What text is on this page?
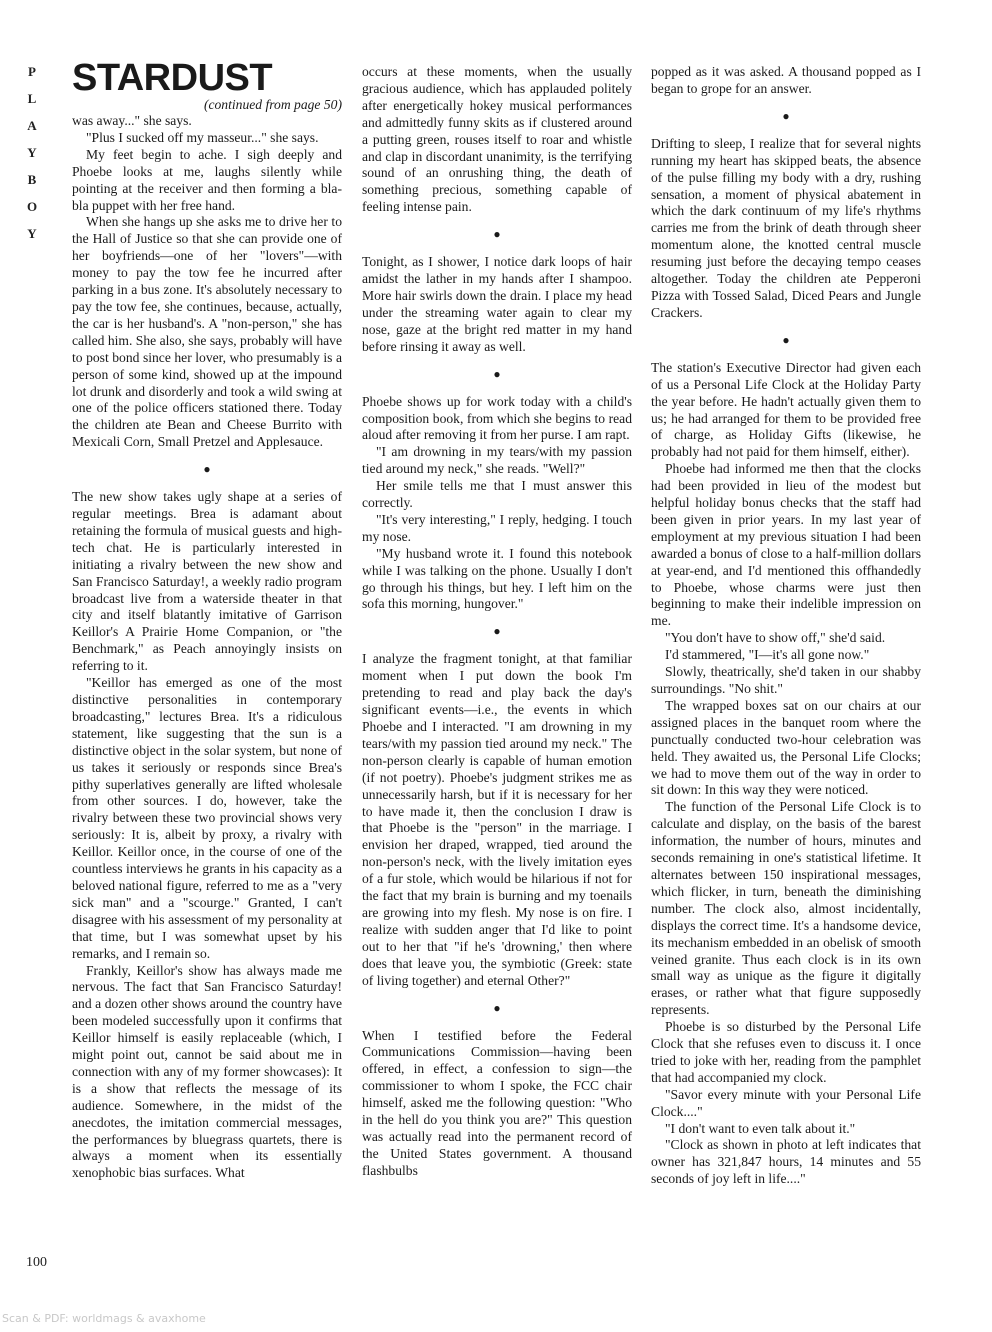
P
L
A
Y
B
O
Y
STARDUST

(continued from page 50)

was away..." she says.

"Plus I sucked off my masseur..." she says.

My feet begin to ache. I sigh deeply and Phoebe looks at me, laughs silently while pointing at the receiver and then forming a bla-bla puppet with her free hand.

When she hangs up she asks me to drive her to the Hall of Justice so that she can provide one of her boyfriends—one of her "lovers"—with money to pay the tow fee he incurred after parking in a bus zone. It's absolutely necessary to pay the tow fee, she continues, because, actually, the car is her husband's. A "non-person," she has called him. She also, she says, probably will have to post bond since her lover, who presumably is a person of some kind, showed up at the impound lot drunk and disorderly and took a wild swing at one of the police officers stationed there. Today the children ate Bean and Cheese Burrito with Mexicali Corn, Small Pretzel and Applesauce.

●

The new show takes ugly shape at a series of regular meetings. Brea is adamant about retaining the formula of musical guests and high-tech chat. He is particularly interested in initiating a rivalry between the new show and San Francisco Saturday!, a weekly radio program broadcast live from a waterside theater in that city and itself blatantly imitative of Garrison Keillor's A Prairie Home Companion, or "the Benchmark," as Peach annoyingly insists on referring to it.

"Keillor has emerged as one of the most distinctive personalities in contemporary broadcasting," lectures Brea. It's a ridiculous statement, like suggesting that the sun is a distinctive object in the solar system, but none of us takes it seriously or responds since Brea's pithy superlatives generally are lifted wholesale from other sources. I do, however, take the rivalry between these two provincial shows very seriously: It is, albeit by proxy, a rivalry with Keillor. Keillor once, in the course of one of the countless interviews he grants in his capacity as a beloved national figure, referred to me as a "very sick man" and a "scourge." Granted, I can't disagree with his assessment of my personality at that time, but I was somewhat upset by his remarks, and I remain so.

Frankly, Keillor's show has always made me nervous. The fact that San Francisco Saturday! and a dozen other shows around the country have been modeled successfully upon it confirms that Keillor himself is easily replaceable (which, I might point out, cannot be said about me in connection with any of my former showcases): It is a show that reflects the message of its audience. Somewhere, in the midst of the anecdotes, the imitation commercial messages, the performances by bluegrass quartets, there is always a moment when its essentially xenophobic bias surfaces. What

occurs at these moments, when the usually gracious audience, which has applauded politely after energetically hokey musical performances and admittedly funny skits as if clustered around a putting green, rouses itself to roar and whistle and clap in discordant unanimity, is the terrifying sound of an onrushing thing, the death of something precious, something capable of feeling intense pain.

●

Tonight, as I shower, I notice dark loops of hair amidst the lather in my hands after I shampoo. More hair swirls down the drain. I place my head under the streaming water again to clear my nose, gaze at the bright red matter in my hand before rinsing it away as well.

●

Phoebe shows up for work today with a child's composition book, from which she begins to read aloud after removing it from her purse. I am rapt.

"I am drowning in my tears/with my passion tied around my neck," she reads. "Well?"

Her smile tells me that I must answer this correctly.

"It's very interesting," I reply, hedging. I touch my nose.

"My husband wrote it. I found this notebook while I was talking on the phone. Usually I don't go through his things, but hey. I left him on the sofa this morning, hungover."

●

I analyze the fragment tonight, at that familiar moment when I put down the book I'm pretending to read and play back the day's significant events—i.e., the events in which Phoebe and I interacted. "I am drowning in my tears/with my passion tied around my neck." The non-person clearly is capable of human emotion (if not poetry). Phoebe's judgment strikes me as unnecessarily harsh, but if it is necessary for her to have made it, then the conclusion I draw is that Phoebe is the "person" in the marriage. I envision her draped, wrapped, tied around the non-person's neck, with the lively imitation eyes of a fur stole, which would be hilarious if not for the fact that my brain is burning and my toenails are growing into my flesh. My nose is on fire. I realize with sudden anger that I'd like to point out to her that "if he's 'drowning,' then where does that leave you, the symbiotic (Greek: state of living together) and eternal Other?"

●

When I testified before the Federal Communications Commission—having been offered, in effect, a confession to sign—the commissioner to whom I spoke, the FCC chair himself, asked me the following question: "Who in the hell do you think you are?" This question was actually read into the permanent record of the United States government. A thousand flashbulbs

popped as it was asked. A thousand popped as I began to grope for an answer.

●

Drifting to sleep, I realize that for several nights running my heart has skipped beats, the absence of the pulse filling my body with a dry, rushing sensation, a moment of physical abatement in which the dark continuum of my life's rhythms carries me from the brink of death through sheer momentum alone, the knotted central muscle resuming just before the decaying tempo ceases altogether. Today the children ate Pepperoni Pizza with Tossed Salad, Diced Pears and Jungle Crackers.

●

The station's Executive Director had given each of us a Personal Life Clock at the Holiday Party the year before. He hadn't actually given them to us; he had arranged for them to be provided free of charge, as Holiday Gifts (likewise, he probably had not paid for them himself, either).

Phoebe had informed me then that the clocks had been provided in lieu of the modest but helpful holiday bonus checks that the staff had been given in prior years. In my last year of employment at my previous situation I had been awarded a bonus of close to a half-million dollars at year-end, and I'd mentioned this offhandedly to Phoebe, whose charms were just then beginning to make their indelible impression on me.

"You don't have to show off," she'd said.

I'd stammered, "I—it's all gone now."

Slowly, theatrically, she'd taken in our shabby surroundings. "No shit."

The wrapped boxes sat on our chairs at our assigned places in the banquet room where the punctually conducted two-hour celebration was held. They awaited us, the Personal Life Clocks; we had to move them out of the way in order to sit down: In this way they were noticed.

The function of the Personal Life Clock is to calculate and display, on the basis of the barest information, the number of hours, minutes and seconds remaining in one's statistical lifetime. It alternates between 150 inspirational messages, which flicker, in turn, beneath the diminishing number. The clock also, almost incidentally, displays the correct time. It's a handsome device, its mechanism embedded in an obelisk of smooth veined granite. Thus each clock is in its own small way as unique as the figure it digitally erases, or rather what that figure supposedly represents.

Phoebe is so disturbed by the Personal Life Clock that she refuses even to discuss it. I once tried to joke with her, reading from the pamphlet that had accompanied my clock.

"Savor every minute with your Personal Life Clock...."

"I don't want to even talk about it."

"Clock as shown in photo at left indicates that owner has 321,847 hours, 14 minutes and 55 seconds of joy left in life...."

100
Scan & PDF: worldmags & avaxhome
